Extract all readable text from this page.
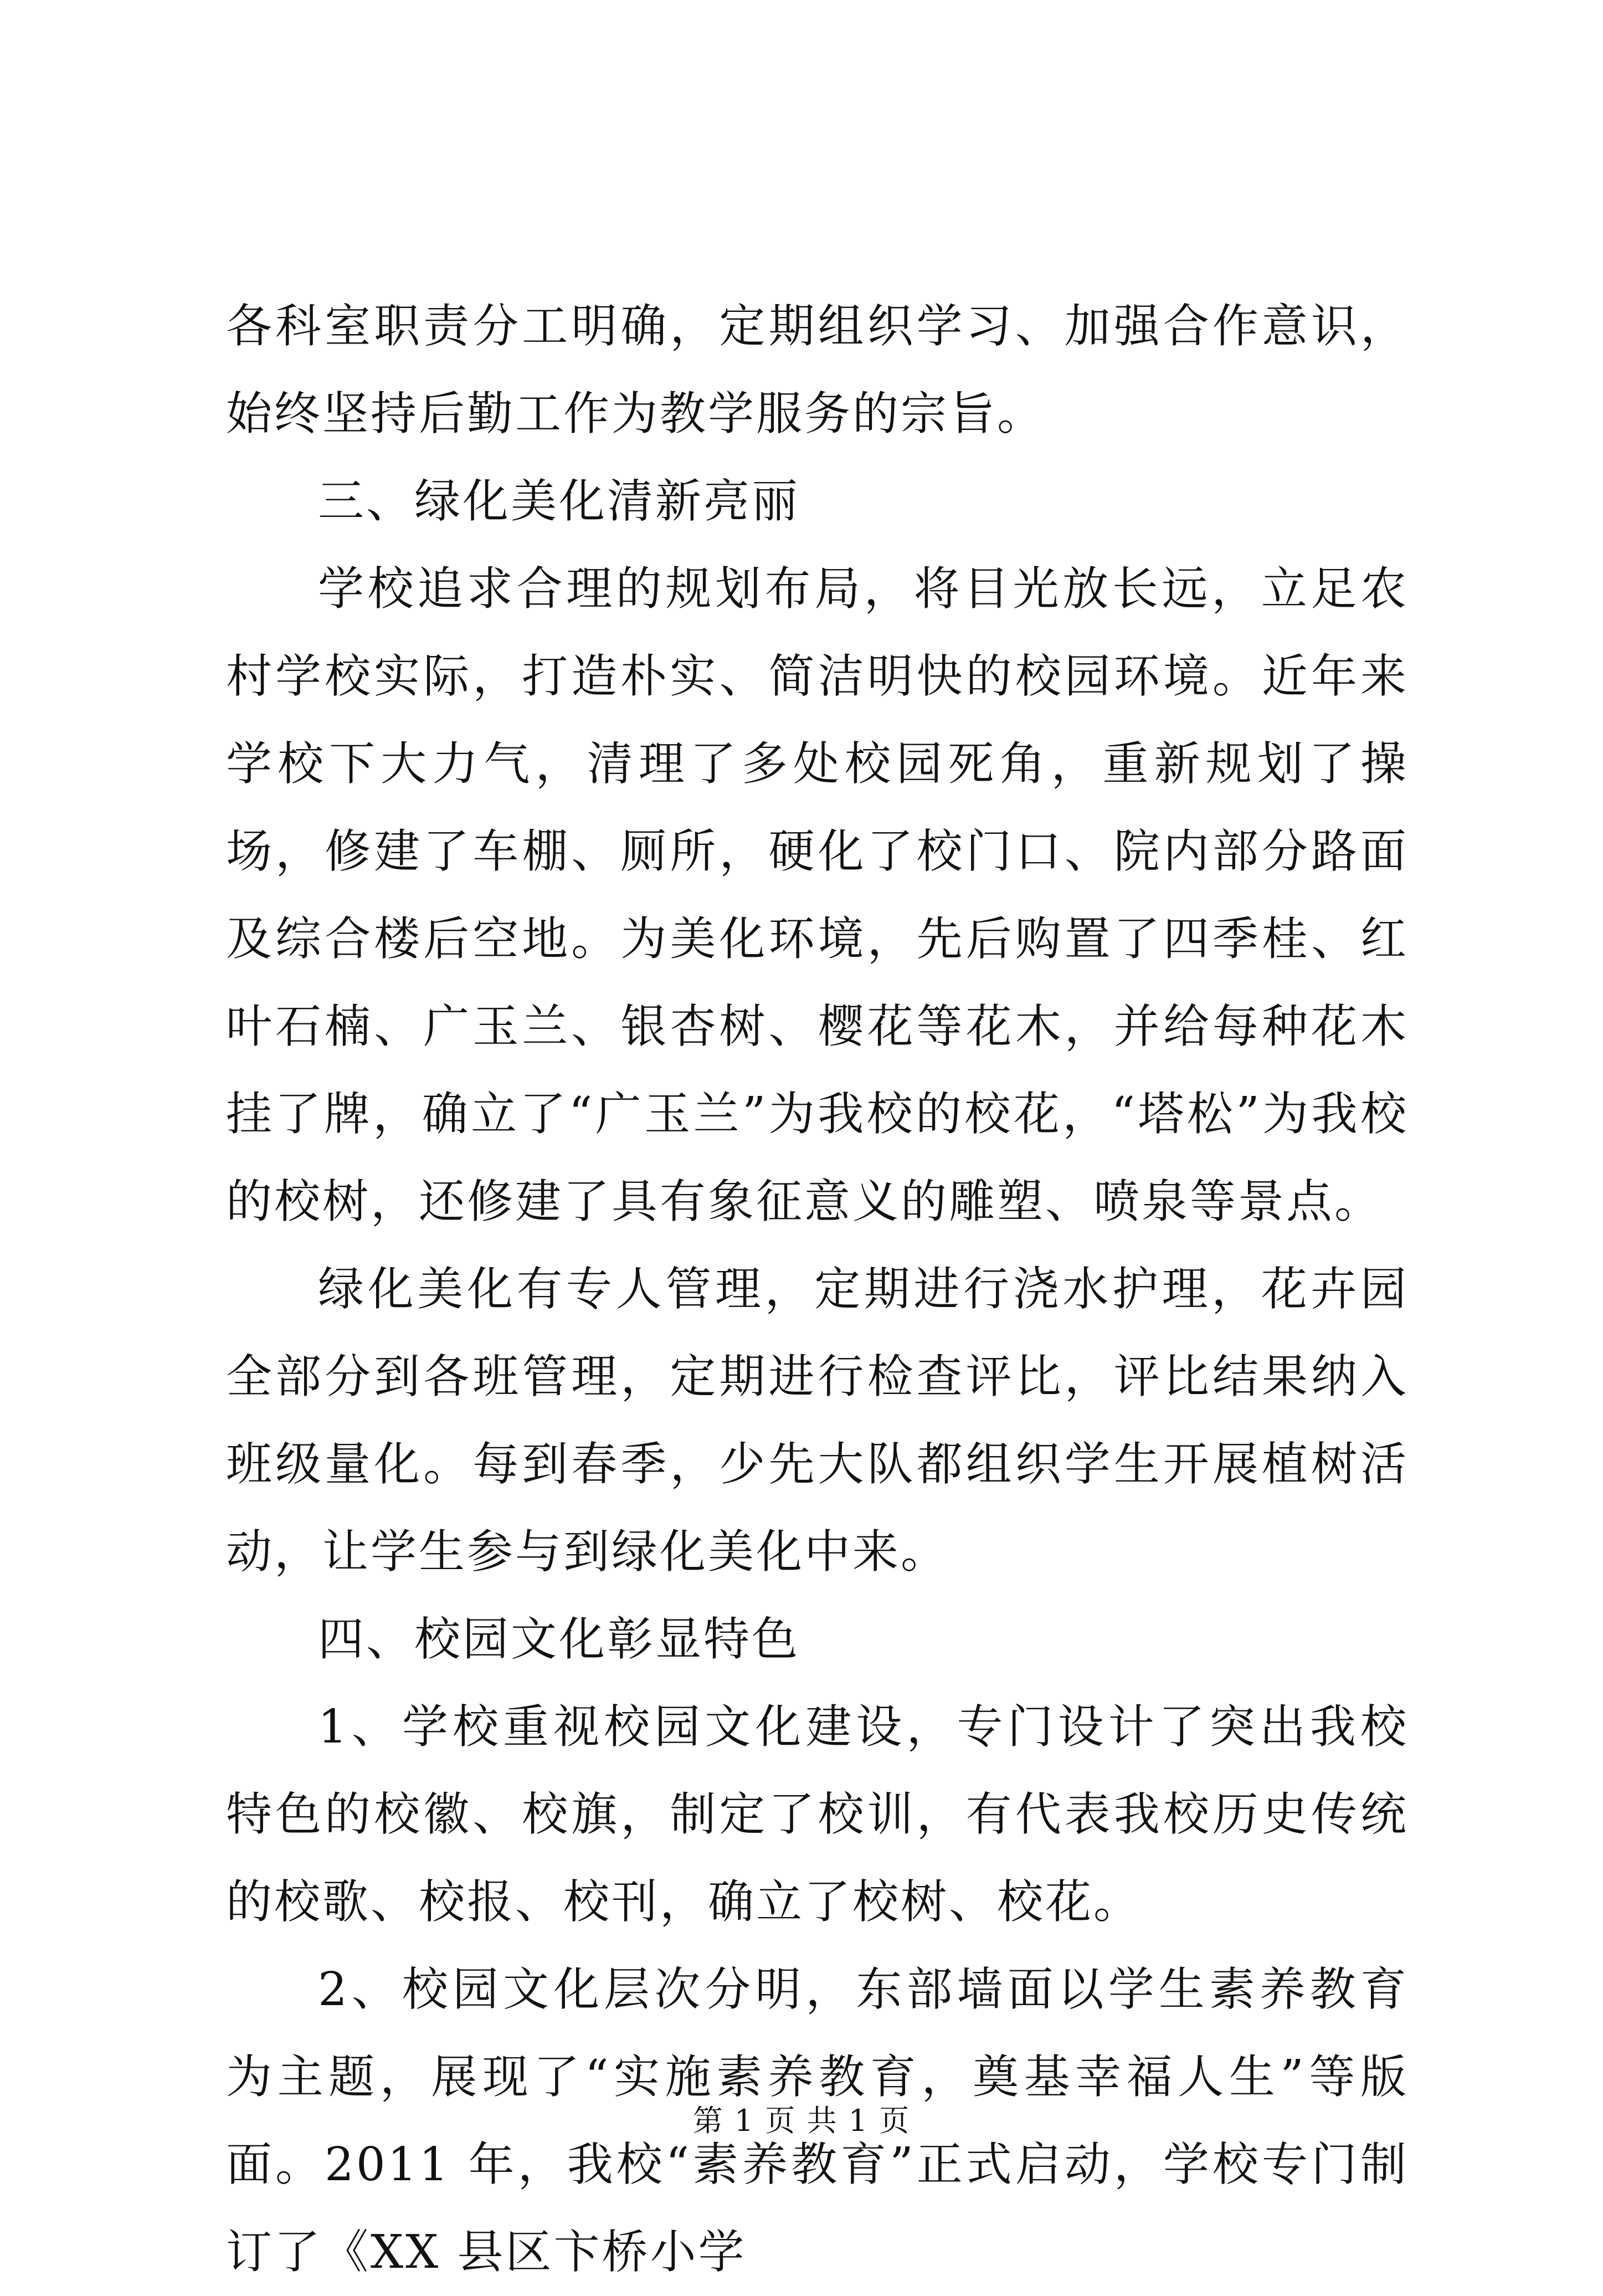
各科室职责分工明确，定期组织学习、加强合作意识，始终坚持后勤工作为教学服务的宗旨。

三、绿化美化清新亮丽

学校追求合理的规划布局，将目光放长远，立足农村学校实际，打造朴实、简洁明快的校园环境。近年来学校下大力气，清理了多处校园死角，重新规划了操场，修建了车棚、厕所，硬化了校门口、院内部分路面及综合楼后空地。为美化环境，先后购置了四季桂、红叶石楠、广玉兰、银杏树、樱花等花木，并给每种花木挂了牌，确立了“广玉兰”为我校的校花，“塔松”为我校的校树，还修建了具有象征意义的雕塑、喷泉等景点。

绿化美化有专人管理，定期进行浇水护理，花卉园全部分到各班管理，定期进行检查评比，评比结果纳入班级量化。每到春季，少先大队都组织学生开展植树活动，让学生参与到绿化美化中来。

四、校园文化彰显特色

1、学校重视校园文化建设，专门设计了突出我校特色的校徽、校旗，制定了校训，有代表我校历史传统的校歌、校报、校刊，确立了校树、校花。

2、校园文化层次分明，东部墙面以学生素养教育为主题，展现了“实施素养教育，奠基幸福人生”等版面。2011 年，我校“素养教育”正式启动，学校专门制订了《XX 县区卞桥小学

第 1 页 共 1 页
